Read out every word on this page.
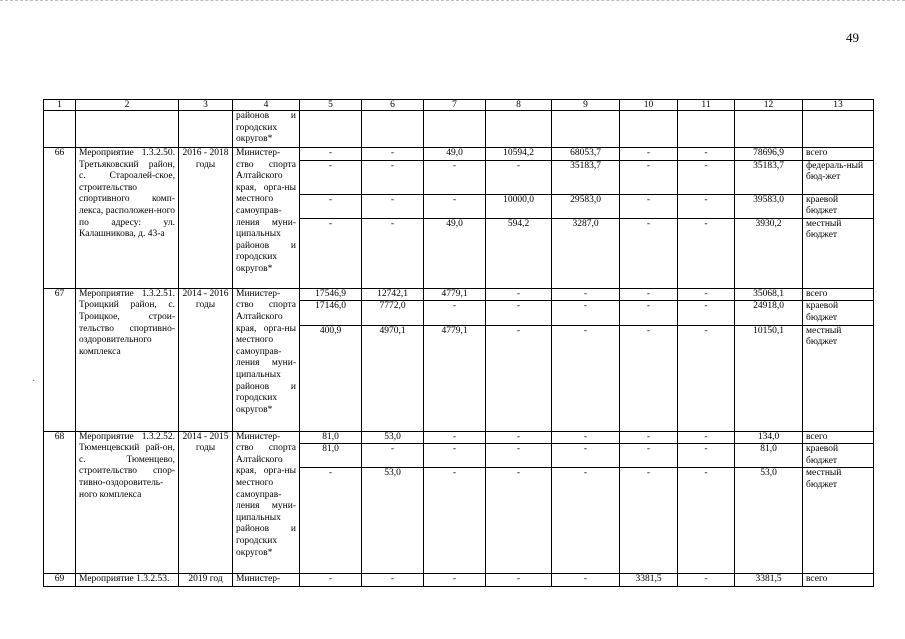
49
·
1	2	3	4	5	6	7	8	9	10	11	12	13
			районов и городских округов*									
66	Мероприятие 1.3.2.50. Третьяковский район, с. Староалей-ское, строительство спортивного комп-лекса, расположен-ного по адресу: ул. Калашникова, д. 43-а	2016 - 2018 годы	Министер-ство спорта Алтайского края, орга-ны местного самоуправ-ления муни-ципальных районов и городских округов*	-	-	49,0	10594,2	68053,7	-	-	78696,9	всего
				-	-	-	-	35183,7	-	-	35183,7	федераль-ный бюд-жет
				-	-	-	10000,0	29583,0	-	-	39583,0	краевой бюджет
				-	-	49,0	594,2	3287,0	-	-	3930,2	местный бюджет
67	Мероприятие 1.3.2.51. Троицкий район, с. Троицкое, строи-тельство спортивно-оздоровительного комплекса	2014 - 2016 годы	Министер-ство спорта Алтайского края, орга-ны местного самоуправ-ления муни-ципальных районов и городских округов*	17546,9	12742,1	4779,1	-	-	-	-	35068,1	всего
				17146,0	7772,0	-	-	-	-	-	24918,0	краевой бюджет
				400,9	4970,1	4779,1	-	-	-	-	10150,1	местный бюджет
68	Мероприятие 1.3.2.52. Тюменцевский рай-он, с. Тюменцево, строительство спор-тивно-оздоровитель-ного комплекса	2014 - 2015 годы	Министер-ство спорта Алтайского края, орга-ны местного самоуправ-ления муни-ципальных районов и городских округов*	81,0	53,0	-	-	-	-	-	134,0	всего
				81,0	-	-	-	-	-	-	81,0	краевой бюджет
				-	53,0	-	-	-	-	-	53,0	местный бюджет
69	Мероприятие 1.3.2.53.	2019 год	Министер-	-	-	-	-	-	3381,5	-	3381,5	всего
